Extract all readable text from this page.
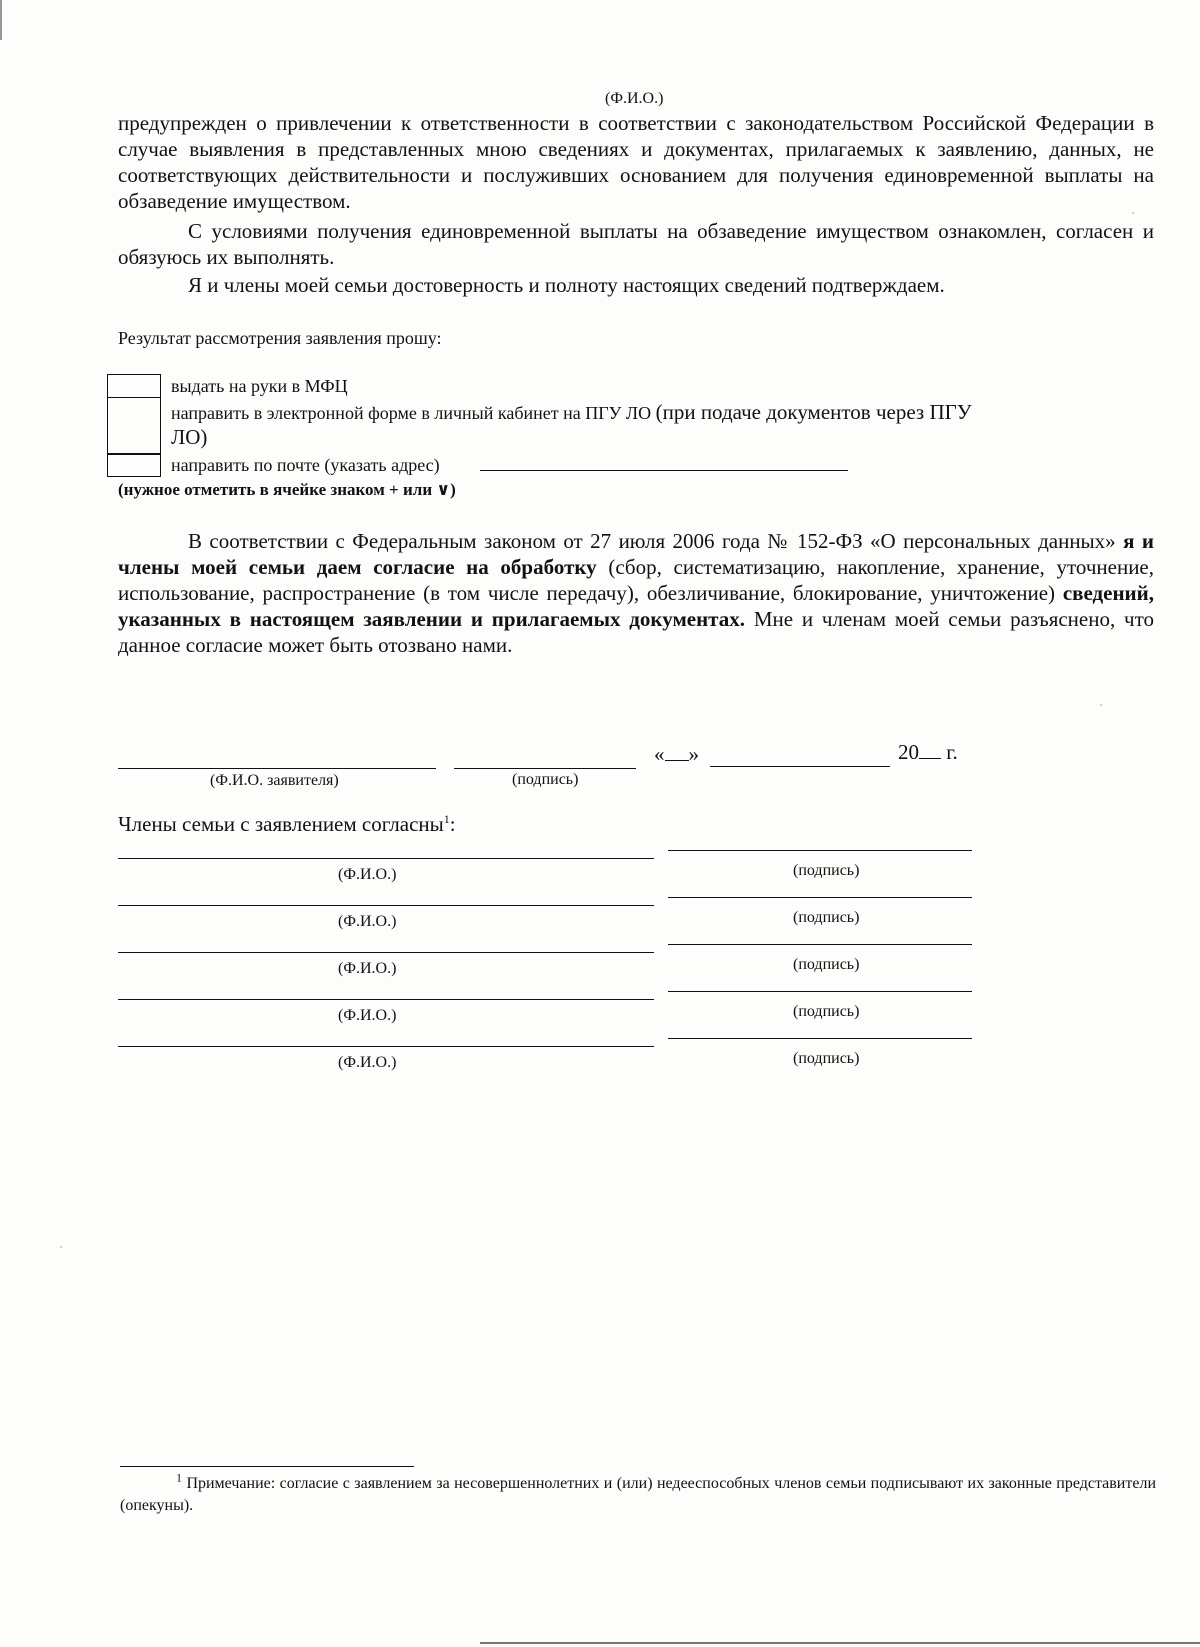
(Ф.И.О.)
предупрежден о привлечении к ответственности в соответствии с законодательством Российской Федерации в случае выявления в представленных мною сведениях и документах, прилагаемых к заявлению, данных, не соответствующих действительности и послуживших основанием для получения единовременной выплаты на обзаведение имуществом.
С условиями получения единовременной выплаты на обзаведение имуществом ознакомлен, согласен и обязуюсь их выполнять.
Я и члены моей семьи достоверность и полноту настоящих сведений подтверждаем.
Результат рассмотрения заявления прошу:
выдать на руки в МФЦ
направить в электронной форме в личный кабинет на ПГУ ЛО (при подаче документов через ПГУ
ЛО)
направить по почте (указать адрес)
(нужное отметить в ячейке знаком + или ∨)
В соответствии с Федеральным законом от 27 июля 2006 года № 152-ФЗ «О персональных данных» я и члены моей семьи даем согласие на обработку (сбор, систематизацию, накопление, хранение, уточнение, использование, распространение (в том числе передачу), обезличивание, блокирование, уничтожение) сведений, указанных в настоящем заявлении и прилагаемых документах. Мне и членам моей семьи разъяснено, что данное согласие может быть отозвано нами.
« »	20 г.
(Ф.И.О. заявителя)	(подпись)
Члены семьи с заявлением согласны$^1$:
(Ф.И.О.)	(подпись)
(Ф.И.О.)	(подпись)
(Ф.И.О.)	(подпись)
(Ф.И.О.)	(подпись)
(Ф.И.О.)	(подпись)
$^1$ Примечание: согласие с заявлением за несовершеннолетних и (или) недееспособных членов семьи подписывают их законные представители (опекуны).
